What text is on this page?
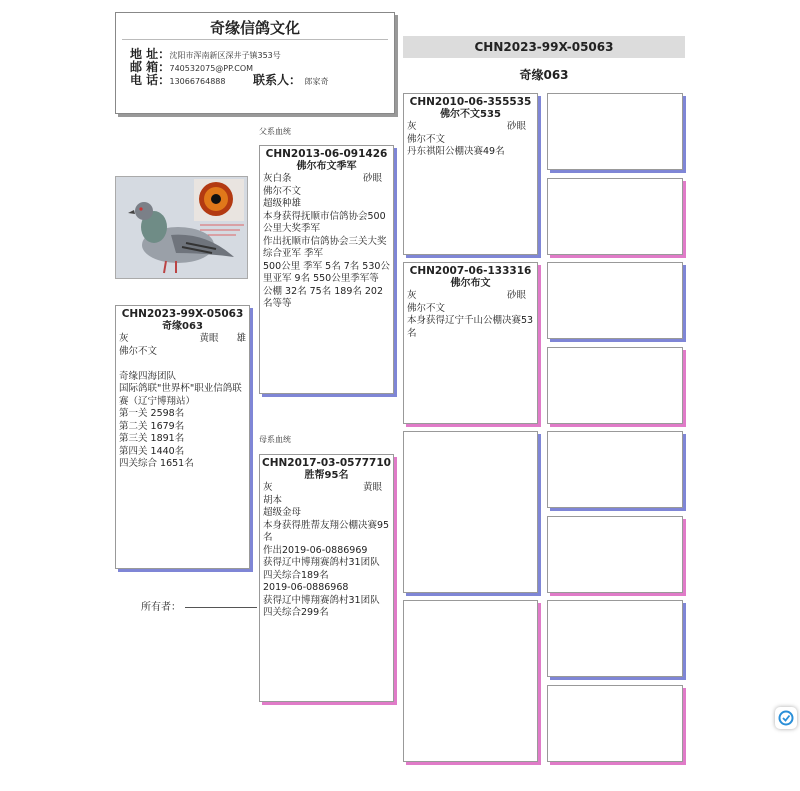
奇缘信鸽文化
地 址： 沈阳市浑南新区深井子镇353号
邮 箱： 740532075@PP.COM
电 话： 13066764888 联系人： 郎家奇
CHN2023-99X-05063
奇缘063
父系血统
母系血统
CHN2023-99X-05063
奇缘063
灰	黄眼 雄
佛尔不文

奇缘四海团队
国际鸽联"世界杯"职业信鸽联赛（辽宁博翔站）
第一关 2598名
第二关 1679名
第三关 1891名
第四关 1440名
四关综合 1651名
所有者：
CHN2013-06-091426
佛尔布文季军
灰白条	砂眼
佛尔不文
超级种雄
本身获得抚顺市信鸽协会500公里大奖季军
作出抚顺市信鸽协会三关大奖综合亚军 季军
500公里 季军 5名 7名 530公里亚军 9名 550公里季军等
公棚 32名 75名 189名 202名等等
CHN2017-03-0577710
胜帮95名
灰	黄眼
胡本
超级金母
本身获得胜帮友翔公棚决赛95名
作出2019-06-0886969
获得辽中博翔赛鸽村31团队 四关综合189名
2019-06-0886968
获得辽中博翔赛鸽村31团队 四关综合299名
CHN2010-06-355535
佛尔不文535
灰	砂眼
佛尔不文
丹东祺阳公棚决赛49名
CHN2007-06-133316
佛尔布文
灰	砂眼
佛尔不文
本身获得辽宁千山公棚决赛53名
